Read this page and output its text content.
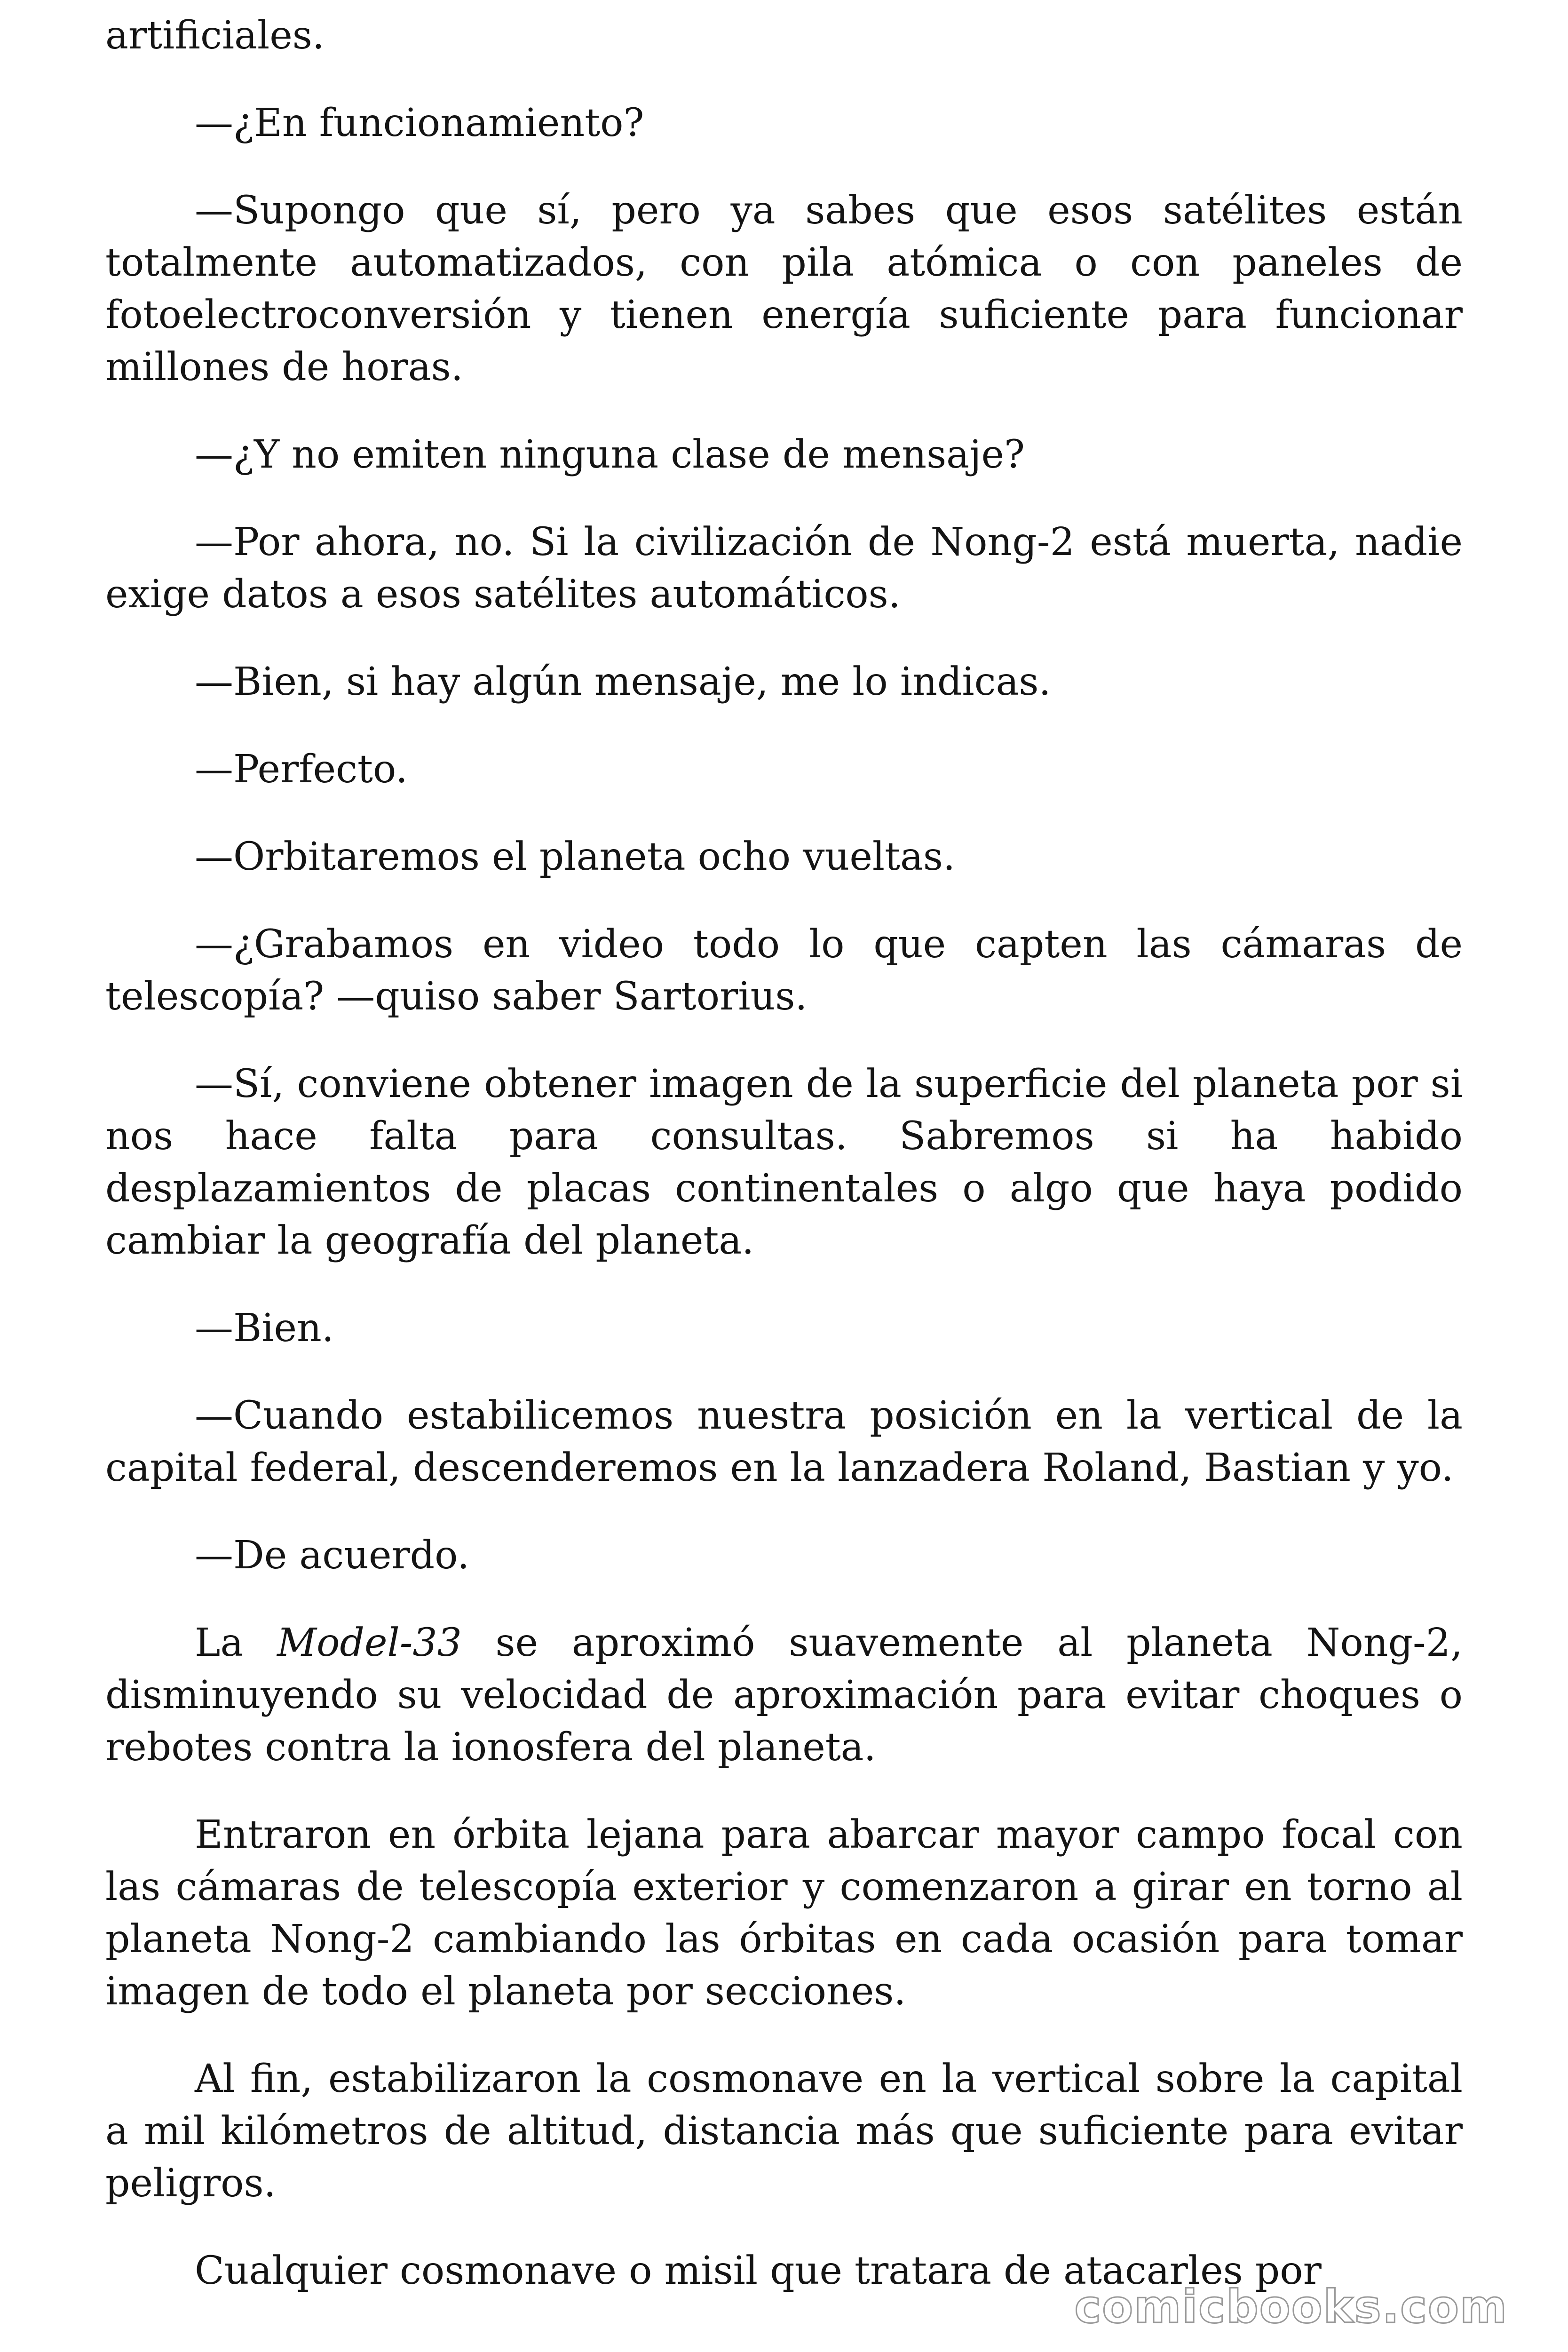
artificiales.

—¿En funcionamiento?

—Supongo que sí, pero ya sabes que esos satélites están totalmente automatizados, con pila atómica o con paneles de fotoelectroconversión y tienen energía suficiente para funcionar millones de horas.

—¿Y no emiten ninguna clase de mensaje?

—Por ahora, no. Si la civilización de Nong-2 está muerta, nadie exige datos a esos satélites automáticos.

—Bien, si hay algún mensaje, me lo indicas.

—Perfecto.

—Orbitaremos el planeta ocho vueltas.

—¿Grabamos en video todo lo que capten las cámaras de telescopía? —quiso saber Sartorius.

—Sí, conviene obtener imagen de la superficie del planeta por si nos hace falta para consultas. Sabremos si ha habido desplazamientos de placas continentales o algo que haya podido cambiar la geografía del planeta.

—Bien.

—Cuando estabilicemos nuestra posición en la vertical de la capital federal, descenderemos en la lanzadera Roland, Bastian y yo.

—De acuerdo.

La Model-33 se aproximó suavemente al planeta Nong-2, disminuyendo su velocidad de aproximación para evitar choques o rebotes contra la ionosfera del planeta.

Entraron en órbita lejana para abarcar mayor campo focal con las cámaras de telescopía exterior y comenzaron a girar en torno al planeta Nong-2 cambiando las órbitas en cada ocasión para tomar imagen de todo el planeta por secciones.

Al fin, estabilizaron la cosmonave en la vertical sobre la capital a mil kilómetros de altitud, distancia más que suficiente para evitar peligros.

Cualquier cosmonave o misil que tratara de atacarles por

comicbooks.com
